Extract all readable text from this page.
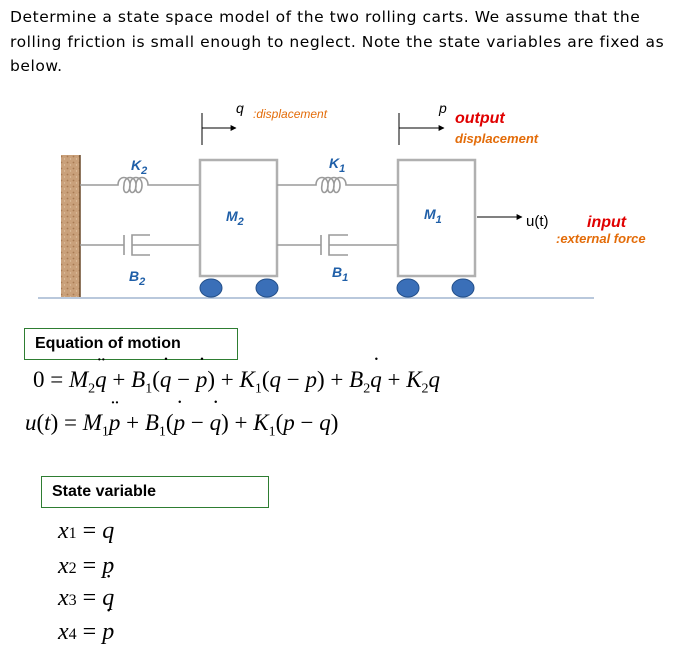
Determine a state space model of the two rolling carts. We assume that the rolling friction is small enough to neglect. Note the state variables are fixed as below.
q :displacement	p
output
displacement
$K_2$	$K_1$
$M_2$	$M_1$
$B_2$
$B_1$
u(t) input
:external force
Equation of motion
$0 = M_2q$ ¨ + $B_1(q$ ˙ − p ˙) + $K_1(q - p) + B_2q$ ˙ + $K_2q$
$u(t) = M_1p$ ¨ + $B_1(p$ ˙ − q ˙) + $K_1(p - q)$
State variable
x1 = q
x2 = p
x3 = q ˙
x4 = p ˙
